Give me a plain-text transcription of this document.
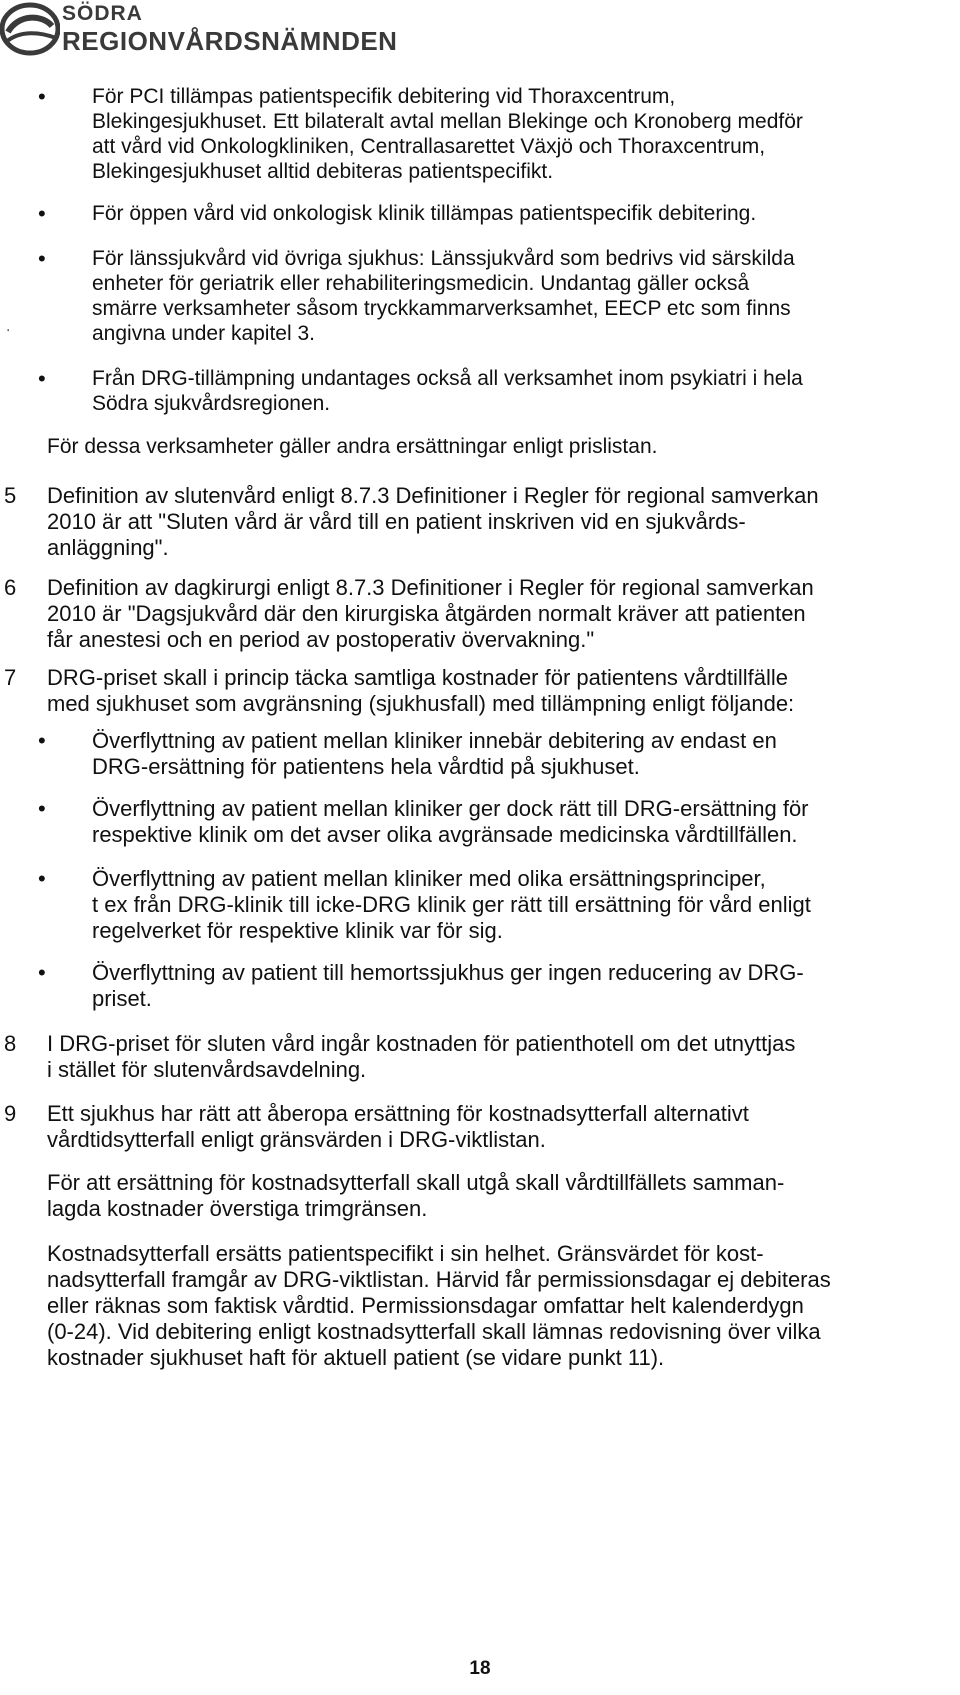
SÖDRA
REGIONVÅRDSNÄMNDEN
.
• För PCI tillämpas patientspecifik debitering vid Thoraxcentrum,
Blekingesjukhuset. Ett bilateralt avtal mellan Blekinge och Kronoberg medför
att vård vid Onkologkliniken, Centrallasarettet Växjö och Thoraxcentrum,
Blekingesjukhuset alltid debiteras patientspecifikt.
• För öppen vård vid onkologisk klinik tillämpas patientspecifik debitering.
• För länssjukvård vid övriga sjukhus: Länssjukvård som bedrivs vid särskilda
enheter för geriatrik eller rehabiliteringsmedicin. Undantag gäller också
smärre verksamheter såsom tryckkammarverksamhet, EECP etc som finns
angivna under kapitel 3.
• Från DRG-tillämpning undantages också all verksamhet inom psykiatri i hela
Södra sjukvårdsregionen.
För dessa verksamheter gäller andra ersättningar enligt prislistan.
5 Definition av slutenvård enligt 8.7.3 Definitioner i Regler för regional samverkan
2010 är att "Sluten vård är vård till en patient inskriven vid en sjukvårds-
anläggning".
6 Definition av dagkirurgi enligt 8.7.3 Definitioner i Regler för regional samverkan
2010 är "Dagsjukvård där den kirurgiska åtgärden normalt kräver att patienten
får anestesi och en period av postoperativ övervakning."
7 DRG-priset skall i princip täcka samtliga kostnader för patientens vårdtillfälle
med sjukhuset som avgränsning (sjukhusfall) med tillämpning enligt följande:
• Överflyttning av patient mellan kliniker innebär debitering av endast en
DRG-ersättning för patientens hela vårdtid på sjukhuset.
• Överflyttning av patient mellan kliniker ger dock rätt till DRG-ersättning för
respektive klinik om det avser olika avgränsade medicinska vårdtillfällen.
• Överflyttning av patient mellan kliniker med olika ersättningsprinciper,
t ex från DRG-klinik till icke-DRG klinik ger rätt till ersättning för vård enligt
regelverket för respektive klinik var för sig.
• Överflyttning av patient till hemortssjukhus ger ingen reducering av DRG-
priset.
8 I DRG-priset för sluten vård ingår kostnaden för patienthotell om det utnyttjas
i stället för slutenvårdsavdelning.
9 Ett sjukhus har rätt att åberopa ersättning för kostnadsytterfall alternativt
vårdtidsytterfall enligt gränsvärden i DRG-viktlistan.
För att ersättning för kostnadsytterfall skall utgå skall vårdtillfällets samman-
lagda kostnader överstiga trimgränsen.
Kostnadsytterfall ersätts patientspecifikt i sin helhet. Gränsvärdet för kost-
nadsytterfall framgår av DRG-viktlistan. Härvid får permissionsdagar ej debiteras
eller räknas som faktisk vårdtid. Permissionsdagar omfattar helt kalenderdygn
(0-24). Vid debitering enligt kostnadsytterfall skall lämnas redovisning över vilka
kostnader sjukhuset haft för aktuell patient (se vidare punkt 11).
18
